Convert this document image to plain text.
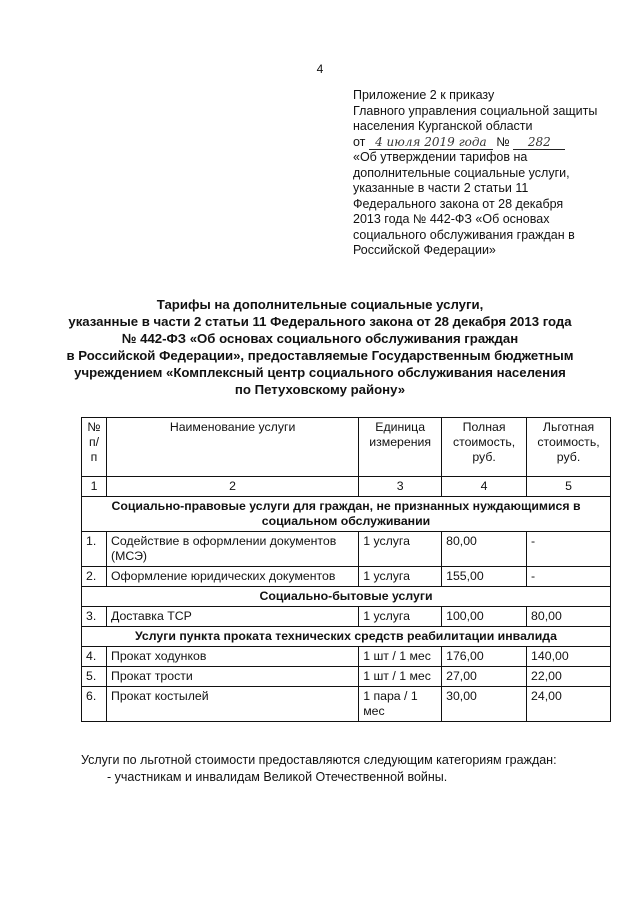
4
Приложение 2 к приказу
Главного управления социальной защиты
населения Курганской области
от 4 июля 2019 года № 282
«Об утверждении тарифов на
дополнительные социальные услуги,
указанные в части 2 статьи 11
Федерального закона от 28 декабря
2013 года № 442-ФЗ «Об основах
социального обслуживания граждан в
Российской Федерации»
Тарифы на дополнительные социальные услуги,
указанные в части 2 статьи 11 Федерального закона от 28 декабря 2013 года
№ 442-ФЗ «Об основах социального обслуживания граждан
в Российской Федерации», предоставляемые Государственным бюджетным
учреждением «Комплексный центр социального обслуживания населения
по Петуховскому району»
№ п/п	Наименование услуги	Единица измерения	Полная стоимость, руб.	Льготная стоимость, руб.
1	2	3	4	5
Социально-правовые услуги для граждан, не признанных нуждающимися в социальном обслуживании				
1.	Содействие в оформлении документов (МСЭ)	1 услуга	80,00	-
2.	Оформление юридических документов	1 услуга	155,00	-
Социально-бытовые услуги				
3.	Доставка ТСР	1 услуга	100,00	80,00
Услуги пункта проката технических средств реабилитации инвалида				
4.	Прокат ходунков	1 шт / 1 мес	176,00	140,00
5.	Прокат трости	1 шт / 1 мес	27,00	22,00
6.	Прокат костылей	1 пара / 1 мес	30,00	24,00
Услуги по льготной стоимости предоставляются следующим категориям граждан:
- участникам и инвалидам Великой Отечественной войны.
